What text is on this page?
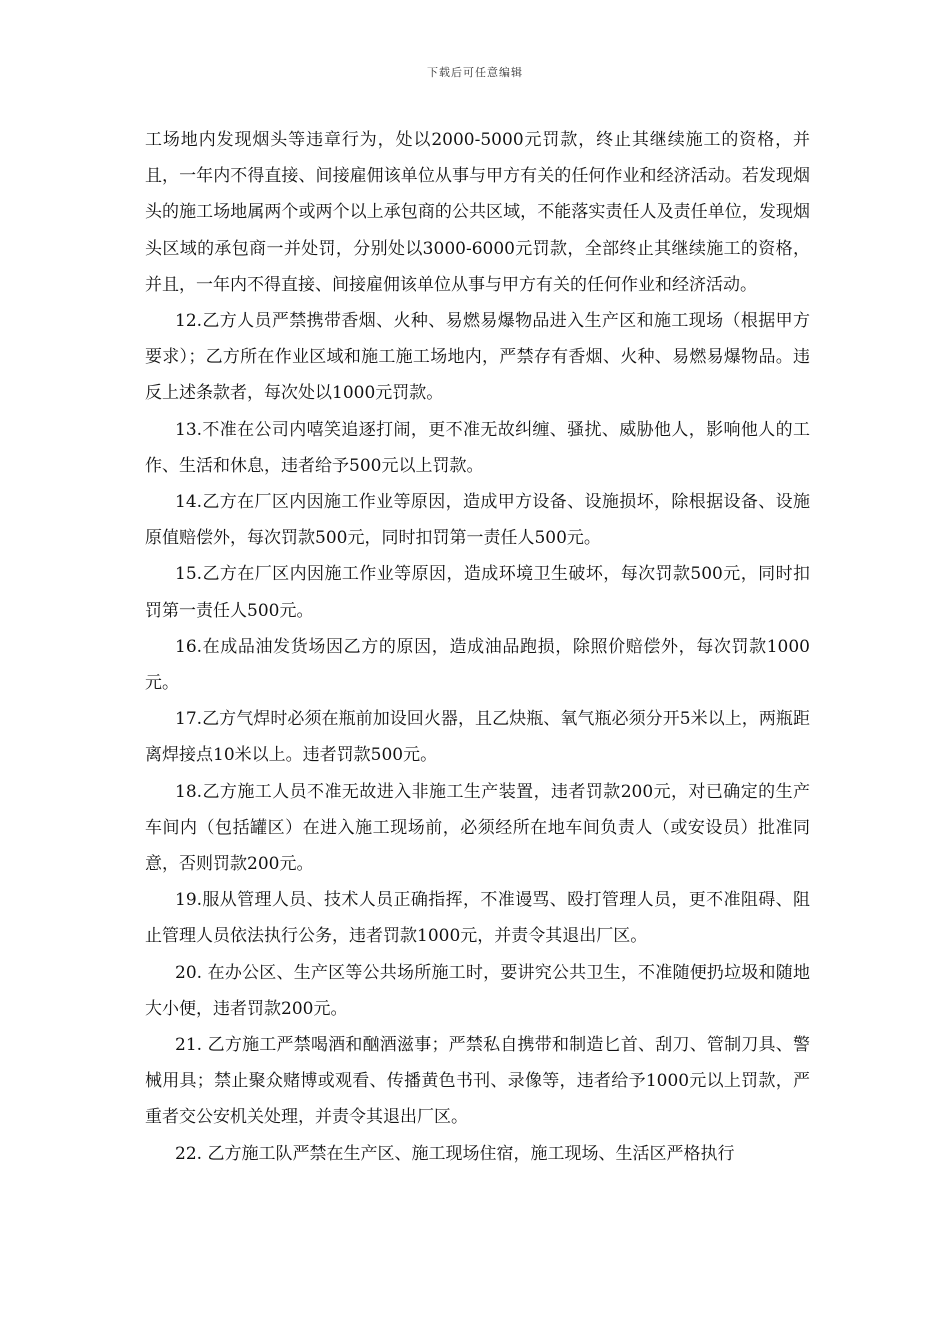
下载后可任意编辑

工场地内发现烟头等违章行为，处以2000-5000元罚款，终止其继续施工的资格，并且，一年内不得直接、间接雇佣该单位从事与甲方有关的任何作业和经济活动。若发现烟头的施工场地属两个或两个以上承包商的公共区域，不能落实责任人及责任单位，发现烟头区域的承包商一并处罚，分别处以3000-6000元罚款，全部终止其继续施工的资格，并且，一年内不得直接、间接雇佣该单位从事与甲方有关的任何作业和经济活动。

12.乙方人员严禁携带香烟、火种、易燃易爆物品进入生产区和施工现场（根据甲方要求）；乙方所在作业区域和施工施工场地内，严禁存有香烟、火种、易燃易爆物品。违反上述条款者，每次处以1000元罚款。

13.不准在公司内嘻笑追逐打闹，更不准无故纠缠、骚扰、威胁他人，影响他人的工作、生活和休息，违者给予500元以上罚款。

14.乙方在厂区内因施工作业等原因，造成甲方设备、设施损坏，除根据设备、设施原值赔偿外，每次罚款500元，同时扣罚第一责任人500元。

15.乙方在厂区内因施工作业等原因，造成环境卫生破坏，每次罚款500元，同时扣罚第一责任人500元。

16.在成品油发货场因乙方的原因，造成油品跑损，除照价赔偿外，每次罚款1000元。

17.乙方气焊时必须在瓶前加设回火器，且乙炔瓶、氧气瓶必须分开5米以上，两瓶距离焊接点10米以上。违者罚款500元。

18.乙方施工人员不准无故进入非施工生产装置，违者罚款200元，对已确定的生产车间内（包括罐区）在进入施工现场前，必须经所在地车间负责人（或安设员）批准同意，否则罚款200元。

19.服从管理人员、技术人员正确指挥，不准谩骂、殴打管理人员，更不准阻碍、阻止管理人员依法执行公务，违者罚款1000元，并责令其退出厂区。

20. 在办公区、生产区等公共场所施工时，要讲究公共卫生，不准随便扔垃圾和随地大小便，违者罚款200元。

21. 乙方施工严禁喝酒和酗酒滋事；严禁私自携带和制造匕首、刮刀、管制刀具、警械用具；禁止聚众赌博或观看、传播黄色书刊、录像等，违者给予1000元以上罚款，严重者交公安机关处理，并责令其退出厂区。

22. 乙方施工队严禁在生产区、施工现场住宿，施工现场、生活区严格执行
